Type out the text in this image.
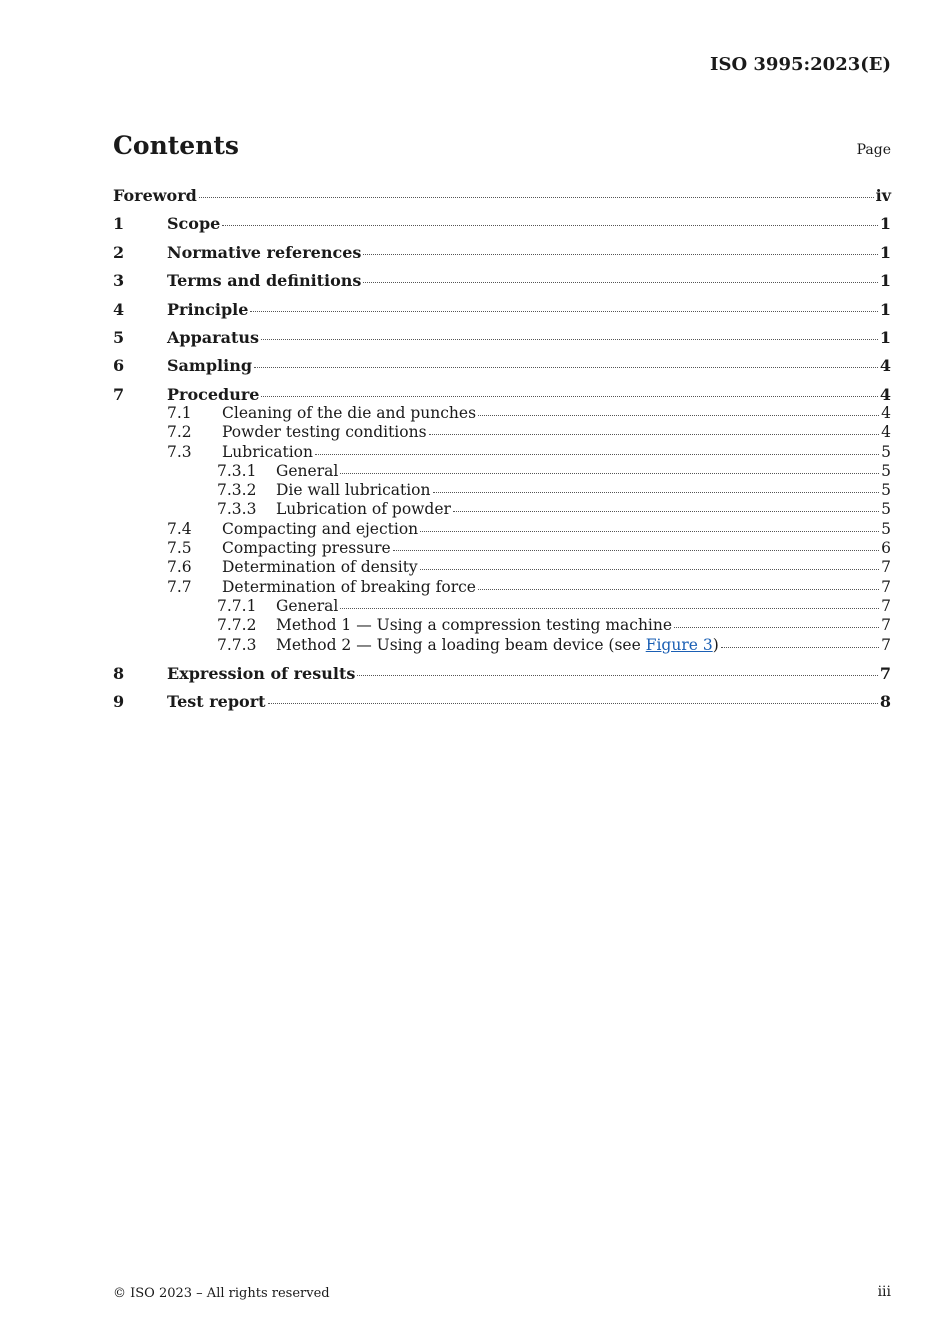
ISO 3995:2023(E)
Contents	Page
Foreword	iv
1	Scope	1
2	Normative references	1
3	Terms and definitions	1
4	Principle	1
5	Apparatus	1
6	Sampling	4
7	Procedure	4
7.1	Cleaning of the die and punches	4
7.2	Powder testing conditions	4
7.3	Lubrication	5
7.3.1	General	5
7.3.2	Die wall lubrication	5
7.3.3	Lubrication of powder	5
7.4	Compacting and ejection	5
7.5	Compacting pressure	6
7.6	Determination of density	7
7.7	Determination of breaking force	7
7.7.1	General	7
7.7.2	Method 1 — Using a compression testing machine	7
7.7.3	Method 2 — Using a loading beam device (see Figure 3)	7
8	Expression of results	7
9	Test report	8
© ISO 2023 – All rights reserved	iii
